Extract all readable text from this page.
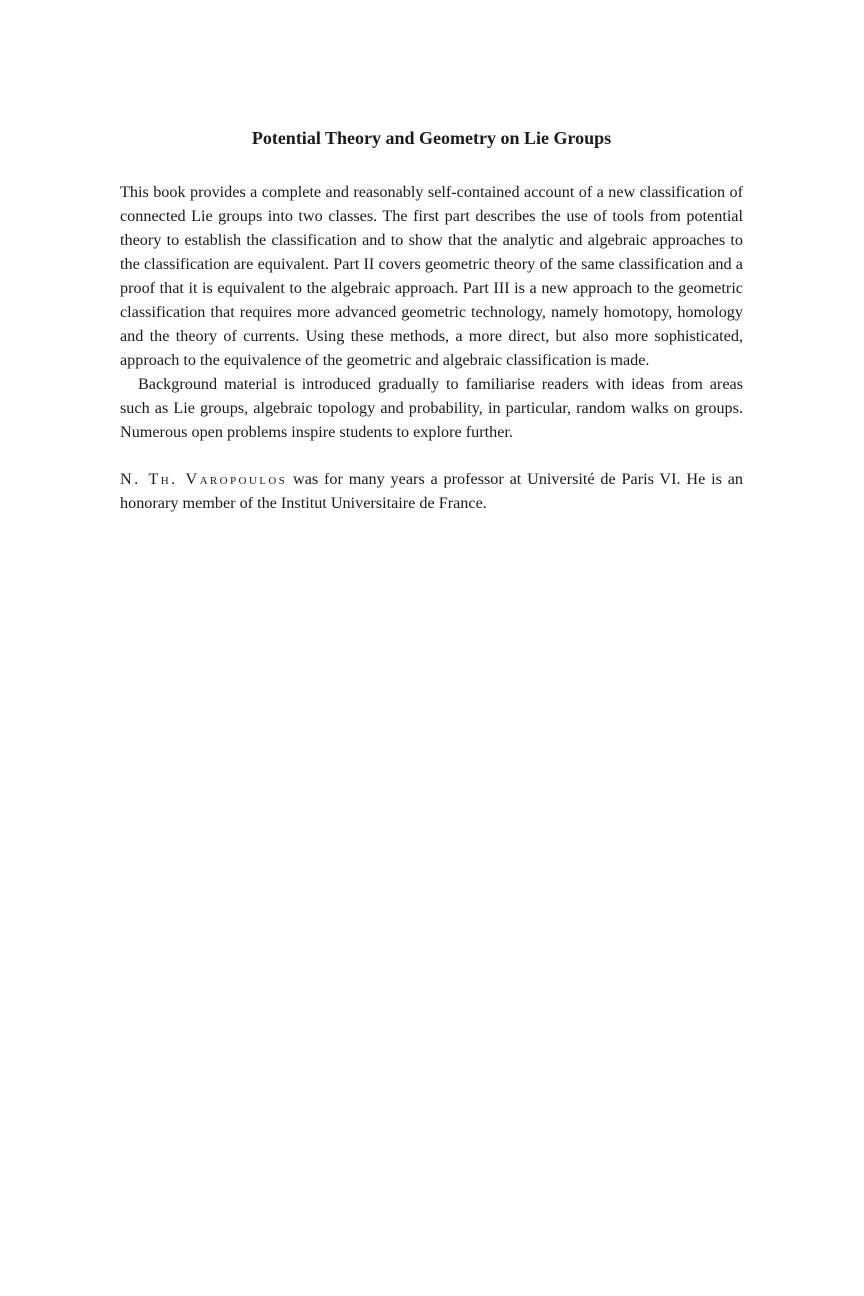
Potential Theory and Geometry on Lie Groups

This book provides a complete and reasonably self-contained account of a new classification of connected Lie groups into two classes. The first part describes the use of tools from potential theory to establish the classification and to show that the analytic and algebraic approaches to the classification are equivalent. Part II covers geometric theory of the same classification and a proof that it is equivalent to the algebraic approach. Part III is a new approach to the geometric classification that requires more advanced geometric technology, namely homotopy, homology and the theory of currents. Using these methods, a more direct, but also more sophisticated, approach to the equivalence of the geometric and algebraic classification is made.

Background material is introduced gradually to familiarise readers with ideas from areas such as Lie groups, algebraic topology and probability, in particular, random walks on groups. Numerous open problems inspire students to explore further.

N. Th. Varopoulos was for many years a professor at Université de Paris VI. He is an honorary member of the Institut Universitaire de France.
